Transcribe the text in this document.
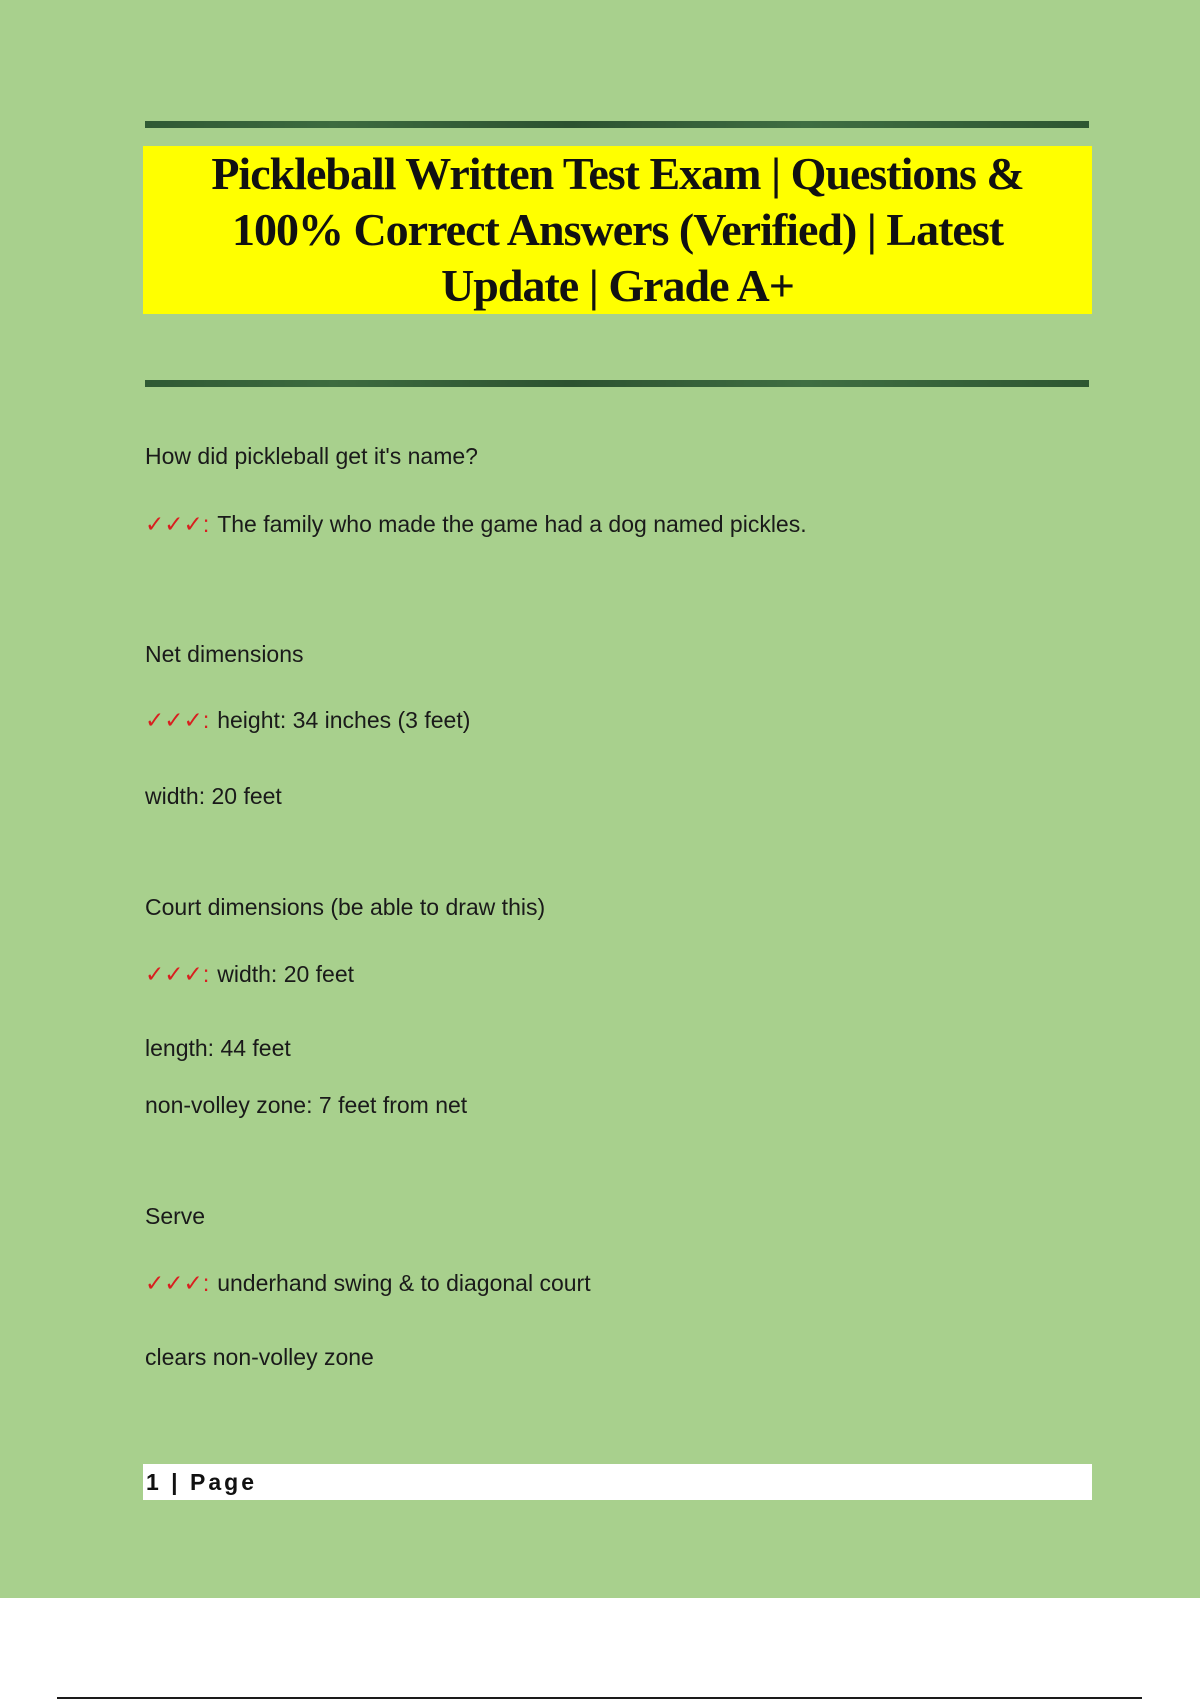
Pickleball Written Test Exam | Questions & 100% Correct Answers (Verified) | Latest Update | Grade A+

How did pickleball get it's name?

✓✓✓: The family who made the game had a dog named pickles.

Net dimensions

✓✓✓: height: 34 inches (3 feet)

width: 20 feet

Court dimensions (be able to draw this)

✓✓✓: width: 20 feet

length: 44 feet

non-volley zone: 7 feet from net

Serve

✓✓✓: underhand swing & to diagonal court

clears non-volley zone

1 | Page
